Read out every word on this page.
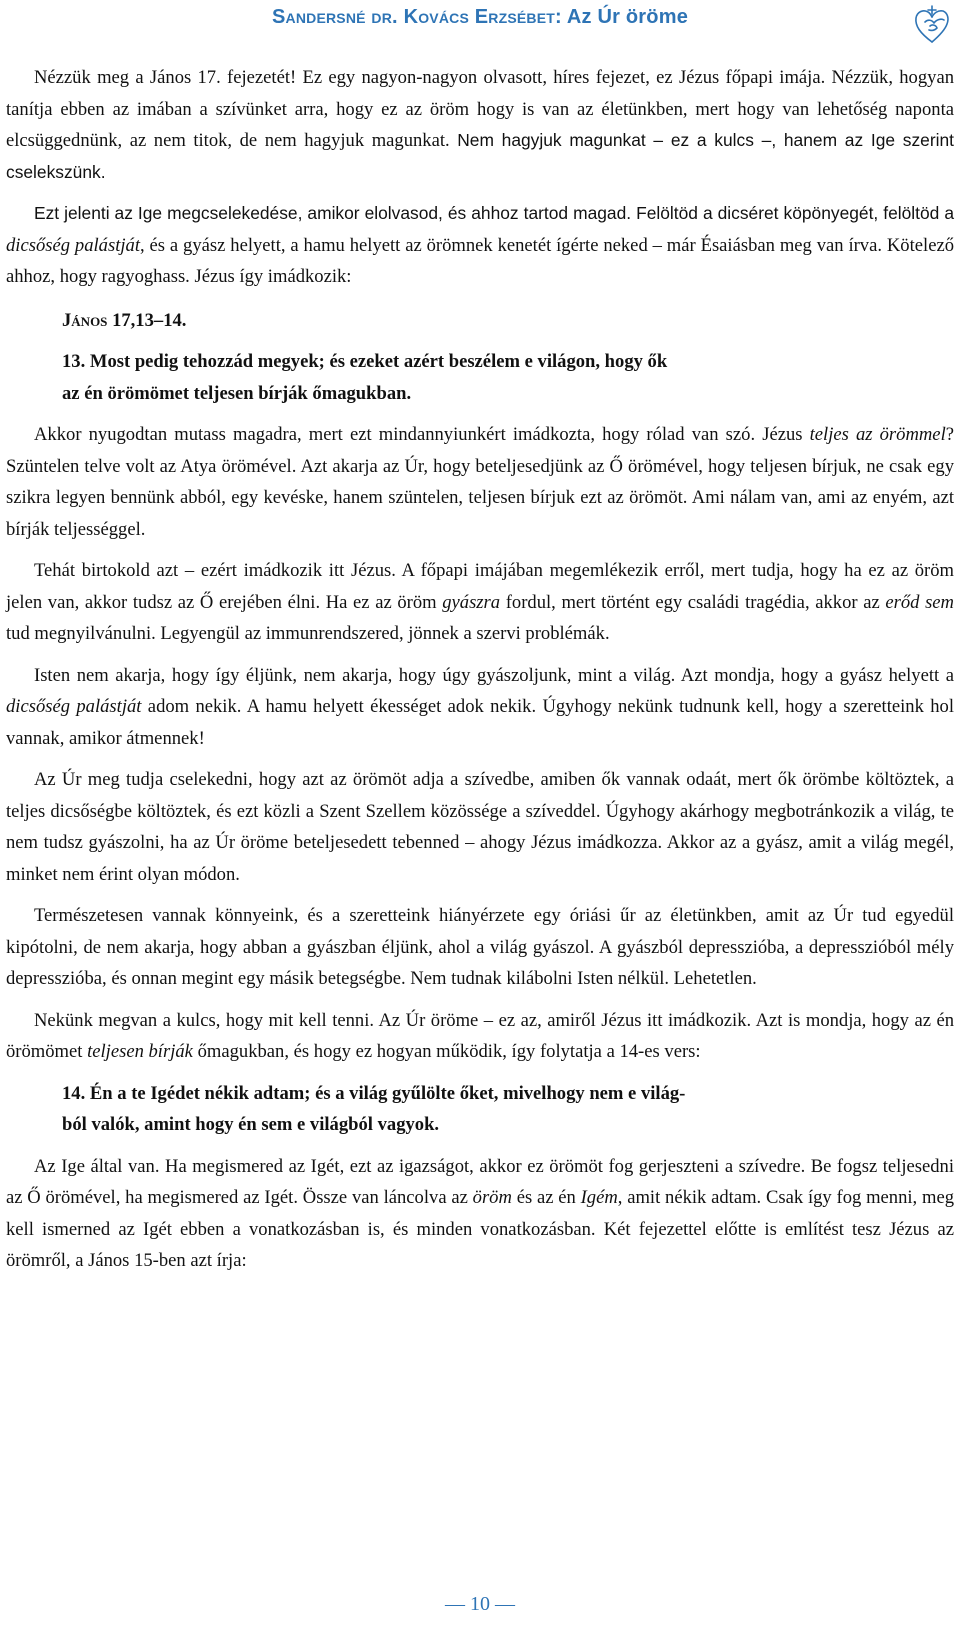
Sandersné dr. Kovács Erzsébet: Az Úr öröme

Nézzük meg a János 17. fejezetét! Ez egy nagyon-nagyon olvasott, híres fejezet, ez Jézus főpapi imája. Nézzük, hogyan tanítja ebben az imában a szívünket arra, hogy ez az öröm hogy is van az életünkben, mert hogy van lehetőség naponta elcsüggednünk, az nem titok, de nem hagyjuk magunkat. Nem hagyjuk magunkat – ez a kulcs –, hanem az Ige szerint cselekszünk.

Ezt jelenti az Ige megcselekedése, amikor elolvasod, és ahhoz tartod magad. Felöltöd a dicséret köpönyegét, felöltöd a dicsőség palástját, és a gyász helyett, a hamu helyett az örömnek kenetét ígérte neked – már Ésaiásban meg van írva. Kötelező ahhoz, hogy ragyoghass. Jézus így imádkozik:

János 17,13–14.
13. Most pedig tehozzád megyek; és ezeket azért beszélem e világon, hogy ők
az én örömömet teljesen bírják őmagukban.

Akkor nyugodtan mutass magadra, mert ezt mindannyiunkért imádkozta, hogy rólad van szó. Jézus teljes az örömmel? Szüntelen telve volt az Atya örömével. Azt akarja az Úr, hogy beteljesedjünk az Ő örömével, hogy teljesen bírjuk, ne csak egy szikra legyen bennünk abból, egy kevéske, hanem szüntelen, teljesen bírjuk ezt az örömöt. Ami nálam van, ami az enyém, azt bírják teljességgel.

Tehát birtokold azt – ezért imádkozik itt Jézus. A főpapi imájában megemlékezik erről, mert tudja, hogy ha ez az öröm jelen van, akkor tudsz az Ő erejében élni. Ha ez az öröm gyászra fordul, mert történt egy családi tragédia, akkor az erőd sem tud megnyilvánulni. Legyengül az immunrendszered, jönnek a szervi problémák.

Isten nem akarja, hogy így éljünk, nem akarja, hogy úgy gyászoljunk, mint a világ. Azt mondja, hogy a gyász helyett a dicsőség palástját adom nekik. A hamu helyett ékességet adok nekik. Úgyhogy nekünk tudnunk kell, hogy a szeretteink hol vannak, amikor átmennek!

Az Úr meg tudja cselekedni, hogy azt az örömöt adja a szívedbe, amiben ők vannak odaát, mert ők örömbe költöztek, a teljes dicsőségbe költöztek, és ezt közli a Szent Szellem közössége a szíveddel. Úgyhogy akárhogy megbotránkozik a világ, te nem tudsz gyászolni, ha az Úr öröme beteljesedett tebenned – ahogy Jézus imádkozza. Akkor az a gyász, amit a világ megél, minket nem érint olyan módon.

Természetesen vannak könnyeink, és a szeretteink hiányérzete egy óriási űr az életünkben, amit az Úr tud egyedül kipótolni, de nem akarja, hogy abban a gyászban éljünk, ahol a világ gyászol. A gyászból depresszióba, a depresszióból mély depresszióba, és onnan megint egy másik betegségbe. Nem tudnak kilábolni Isten nélkül. Lehetetlen.

Nekünk megvan a kulcs, hogy mit kell tenni. Az Úr öröme – ez az, amiről Jézus itt imádkozik. Azt is mondja, hogy az én örömömet teljesen bírják őmagukban, és hogy ez hogyan működik, így folytatja a 14-es vers:

14. Én a te Igédet nékik adtam; és a világ gyűlölte őket, mivelhogy nem e világ-
ból valók, amint hogy én sem e világból vagyok.

Az Ige által van. Ha megismered az Igét, ezt az igazságot, akkor ez örömöt fog gerjeszteni a szívedre. Be fogsz teljesedni az Ő örömével, ha megismered az Igét. Össze van láncolva az öröm és az én Igém, amit nékik adtam. Csak így fog menni, meg kell ismerned az Igét ebben a vonatkozásban is, és minden vonatkozásban. Két fejezettel előtte is említést tesz Jézus az örömről, a János 15-ben azt írja:

— 10 —
